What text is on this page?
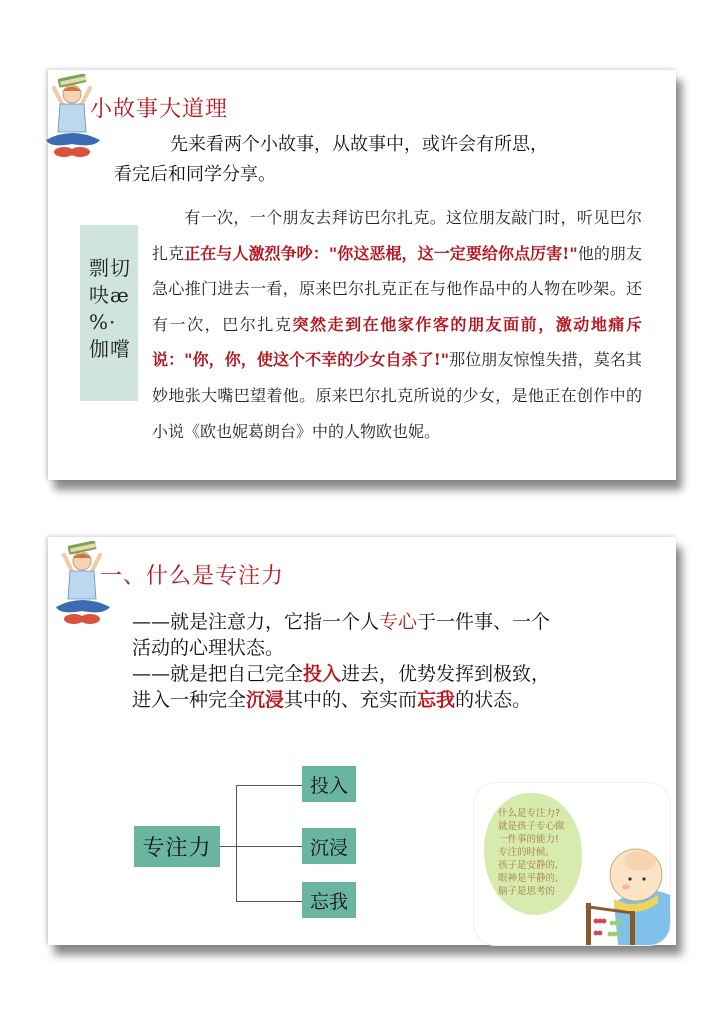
小故事大道理
先来看两个小故事，从故事中，或许会有所思，
看完后和同学分享。
剽切
吷æ
%·
伽嚐
有一次，一个朋友去拜访巴尔扎克。这位朋友敲门时，听见巴尔扎克正在与人激烈争吵："你这恶棍，这一定要给你点厉害!"他的朋友急心推门进去一看，原来巴尔扎克正在与他作品中的人物在吵架。还有一次，巴尔扎克突然走到在他家作客的朋友面前，激动地痛斥说："你，你，使这个不幸的少女自杀了!"那位朋友惊惶失措，莫名其妙地张大嘴巴望着他。原来巴尔扎克所说的少女，是他正在创作中的小说《欧也妮葛朗台》中的人物欧也妮。
一、什么是专注力
——就是注意力，它指一个人专心于一件事、一个活动的心理状态。
——就是把自己完全投入进去，优势发挥到极致，进入一种完全沉浸其中的、充实而忘我的状态。
专注力
投入
沉浸
忘我
什么是专注力?
就是孩子专心做
一件事的能力!
专注的时候,
孩子是安静的,
眼神是平静的,
脑子是思考的
